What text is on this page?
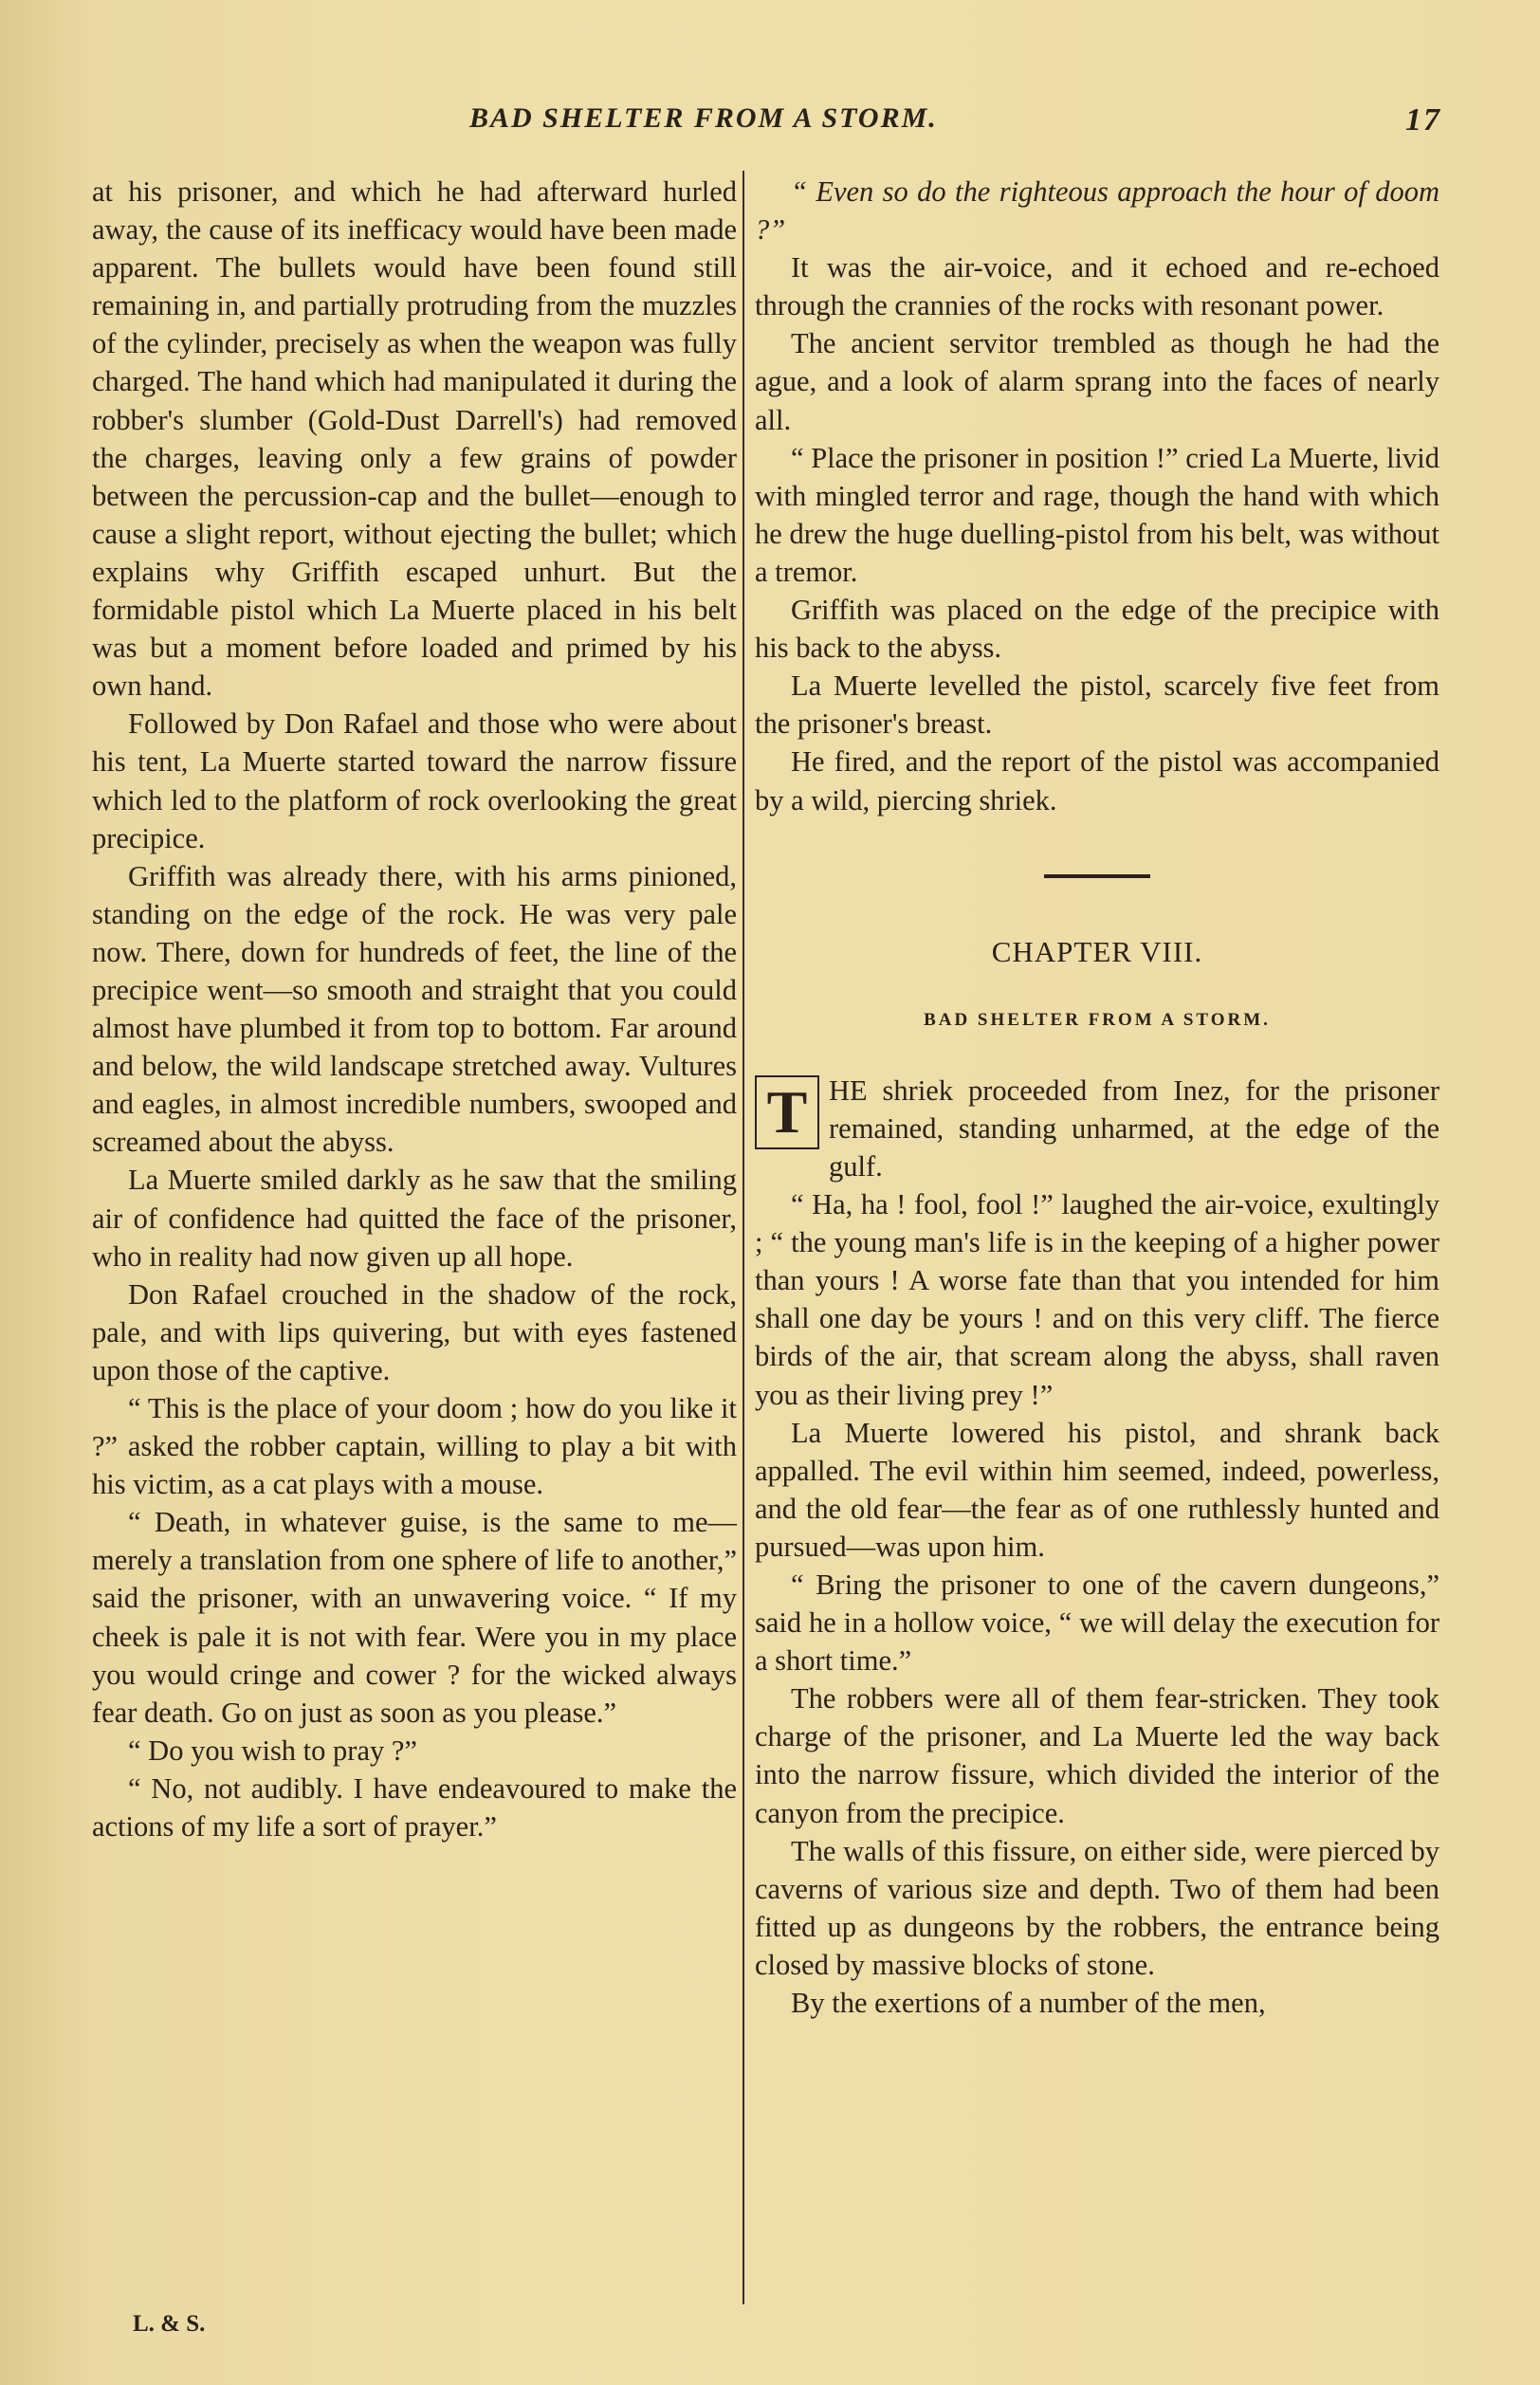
BAD SHELTER FROM A STORM.	17

at his prisoner, and which he had afterward hurled away, the cause of its inefficacy would have been made apparent. The bullets would have been found still remaining in, and partially protruding from the muzzles of the cylinder, precisely as when the weapon was fully charged. The hand which had manipulated it during the robber's slumber (Gold-Dust Darrell's) had removed the charges, leaving only a few grains of powder between the percussion-cap and the bullet—enough to cause a slight report, without ejecting the bullet; which explains why Griffith escaped unhurt. But the formidable pistol which La Muerte placed in his belt was but a moment before loaded and primed by his own hand.

Followed by Don Rafael and those who were about his tent, La Muerte started toward the narrow fissure which led to the platform of rock overlooking the great precipice.

Griffith was already there, with his arms pinioned, standing on the edge of the rock. He was very pale now. There, down for hundreds of feet, the line of the precipice went—so smooth and straight that you could almost have plumbed it from top to bottom. Far around and below, the wild landscape stretched away. Vultures and eagles, in almost incredible numbers, swooped and screamed about the abyss.

La Muerte smiled darkly as he saw that the smiling air of confidence had quitted the face of the prisoner, who in reality had now given up all hope.

Don Rafael crouched in the shadow of the rock, pale, and with lips quivering, but with eyes fastened upon those of the captive.

“ This is the place of your doom ; how do you like it ?” asked the robber captain, willing to play a bit with his victim, as a cat plays with a mouse.

“ Death, in whatever guise, is the same to me—merely a translation from one sphere of life to another,” said the prisoner, with an unwavering voice. “ If my cheek is pale it is not with fear. Were you in my place you would cringe and cower ? for the wicked always fear death. Go on just as soon as you please.”

“ Do you wish to pray ?”

“ No, not audibly. I have endeavoured to make the actions of my life a sort of prayer.”

“ Even so do the righteous approach the hour of doom ?”

It was the air-voice, and it echoed and re-echoed through the crannies of the rocks with resonant power.

The ancient servitor trembled as though he had the ague, and a look of alarm sprang into the faces of nearly all.

“ Place the prisoner in position !” cried La Muerte, livid with mingled terror and rage, though the hand with which he drew the huge duelling-pistol from his belt, was without a tremor.

Griffith was placed on the edge of the precipice with his back to the abyss.

La Muerte levelled the pistol, scarcely five feet from the prisoner's breast.

He fired, and the report of the pistol was accompanied by a wild, piercing shriek.

CHAPTER VIII.
BAD SHELTER FROM A STORM.

T HE shriek proceeded from Inez, for the prisoner remained, standing unharmed, at the edge of the gulf.

“ Ha, ha ! fool, fool !” laughed the air-voice, exultingly ; “ the young man's life is in the keeping of a higher power than yours ! A worse fate than that you intended for him shall one day be yours ! and on this very cliff. The fierce birds of the air, that scream along the abyss, shall raven you as their living prey !”

La Muerte lowered his pistol, and shrank back appalled. The evil within him seemed, indeed, powerless, and the old fear—the fear as of one ruthlessly hunted and pursued—was upon him.

“ Bring the prisoner to one of the cavern dungeons,” said he in a hollow voice, “ we will delay the execution for a short time.”

The robbers were all of them fear-stricken. They took charge of the prisoner, and La Muerte led the way back into the narrow fissure, which divided the interior of the canyon from the precipice.

The walls of this fissure, on either side, were pierced by caverns of various size and depth. Two of them had been fitted up as dungeons by the robbers, the entrance being closed by massive blocks of stone.

By the exertions of a number of the men,

L. & S.
